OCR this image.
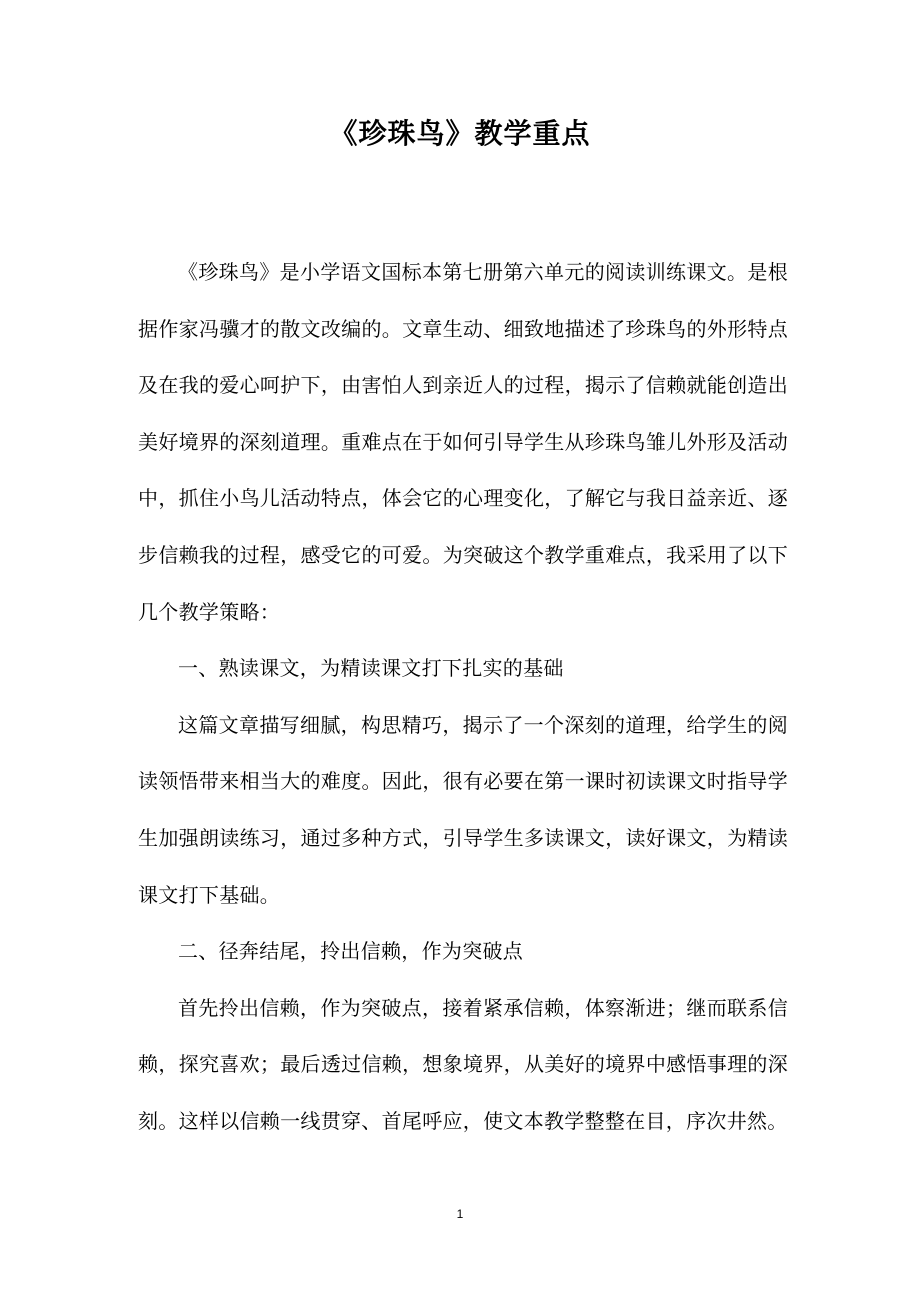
《珍珠鸟》教学重点

《珍珠鸟》是小学语文国标本第七册第六单元的阅读训练课文。是根据作家冯骥才的散文改编的。文章生动、细致地描述了珍珠鸟的外形特点及在我的爱心呵护下，由害怕人到亲近人的过程，揭示了信赖就能创造出美好境界的深刻道理。重难点在于如何引导学生从珍珠鸟雏儿外形及活动中，抓住小鸟儿活动特点，体会它的心理变化，了解它与我日益亲近、逐步信赖我的过程，感受它的可爱。为突破这个教学重难点，我采用了以下几个教学策略：

一、熟读课文，为精读课文打下扎实的基础

这篇文章描写细腻，构思精巧，揭示了一个深刻的道理，给学生的阅读领悟带来相当大的难度。因此，很有必要在第一课时初读课文时指导学生加强朗读练习，通过多种方式，引导学生多读课文，读好课文，为精读课文打下基础。

二、径奔结尾，拎出信赖，作为突破点

首先拎出信赖，作为突破点，接着紧承信赖，体察渐进；继而联系信赖，探究喜欢；最后透过信赖，想象境界，从美好的境界中感悟事理的深刻。这样以信赖一线贯穿、首尾呼应，使文本教学整整在目，序次井然。

1
